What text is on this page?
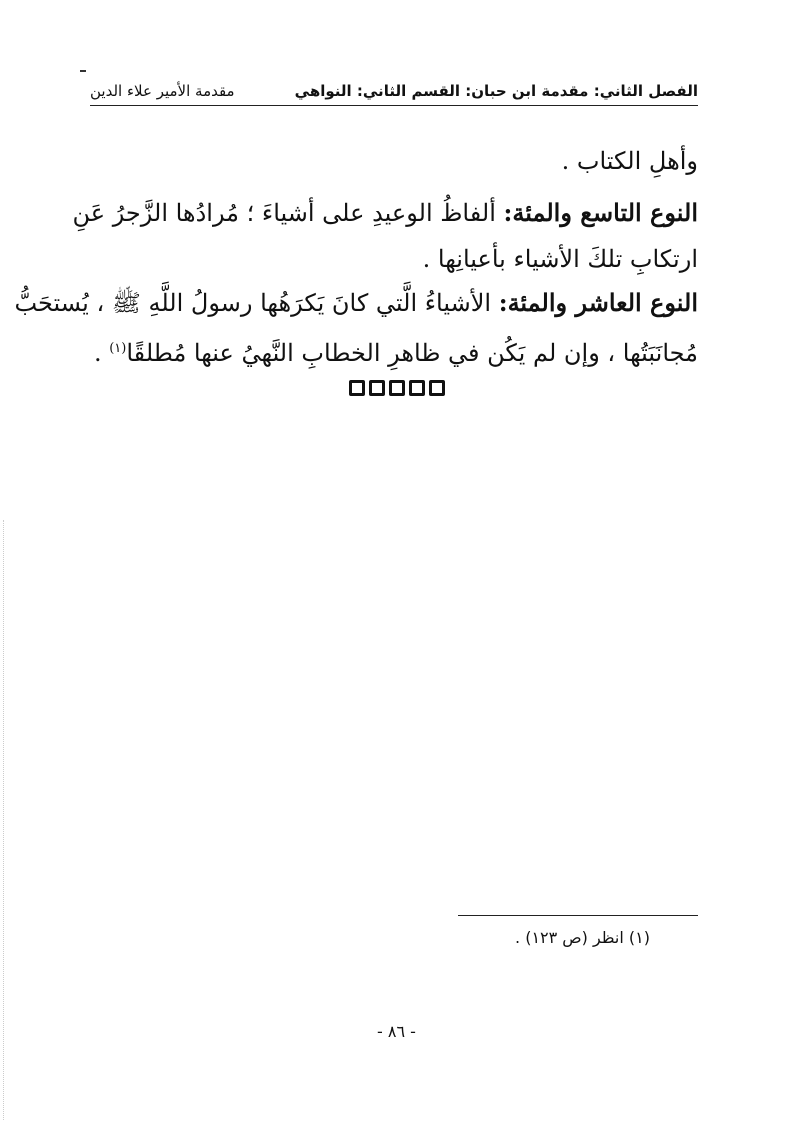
الفصل الثاني: مقدمة ابن حبان: القسم الثاني: النواهي
مقدمة الأمير علاء الدين
وأهلِ الكتاب .
النوع التاسع والمئة: ألفاظُ الوعيدِ على أشياءَ ؛ مُرادُها الزَّجرُ عَنِ
ارتكابِ تلكَ الأشياء بأعيانِها .
النوع العاشر والمئة: الأشياءُ الَّتي كانَ يَكرَهُها رسولُ اللَّهِ ﷺ ، يُستحَبُّ
مُجانَبَتُها ، وإن لم يَكُن في ظاهرِ الخطابِ النَّهيُ عنها مُطلقًا$^{(١)}$ .
(١) انظر (ص ١٢٣) .
- ٨٦ -
